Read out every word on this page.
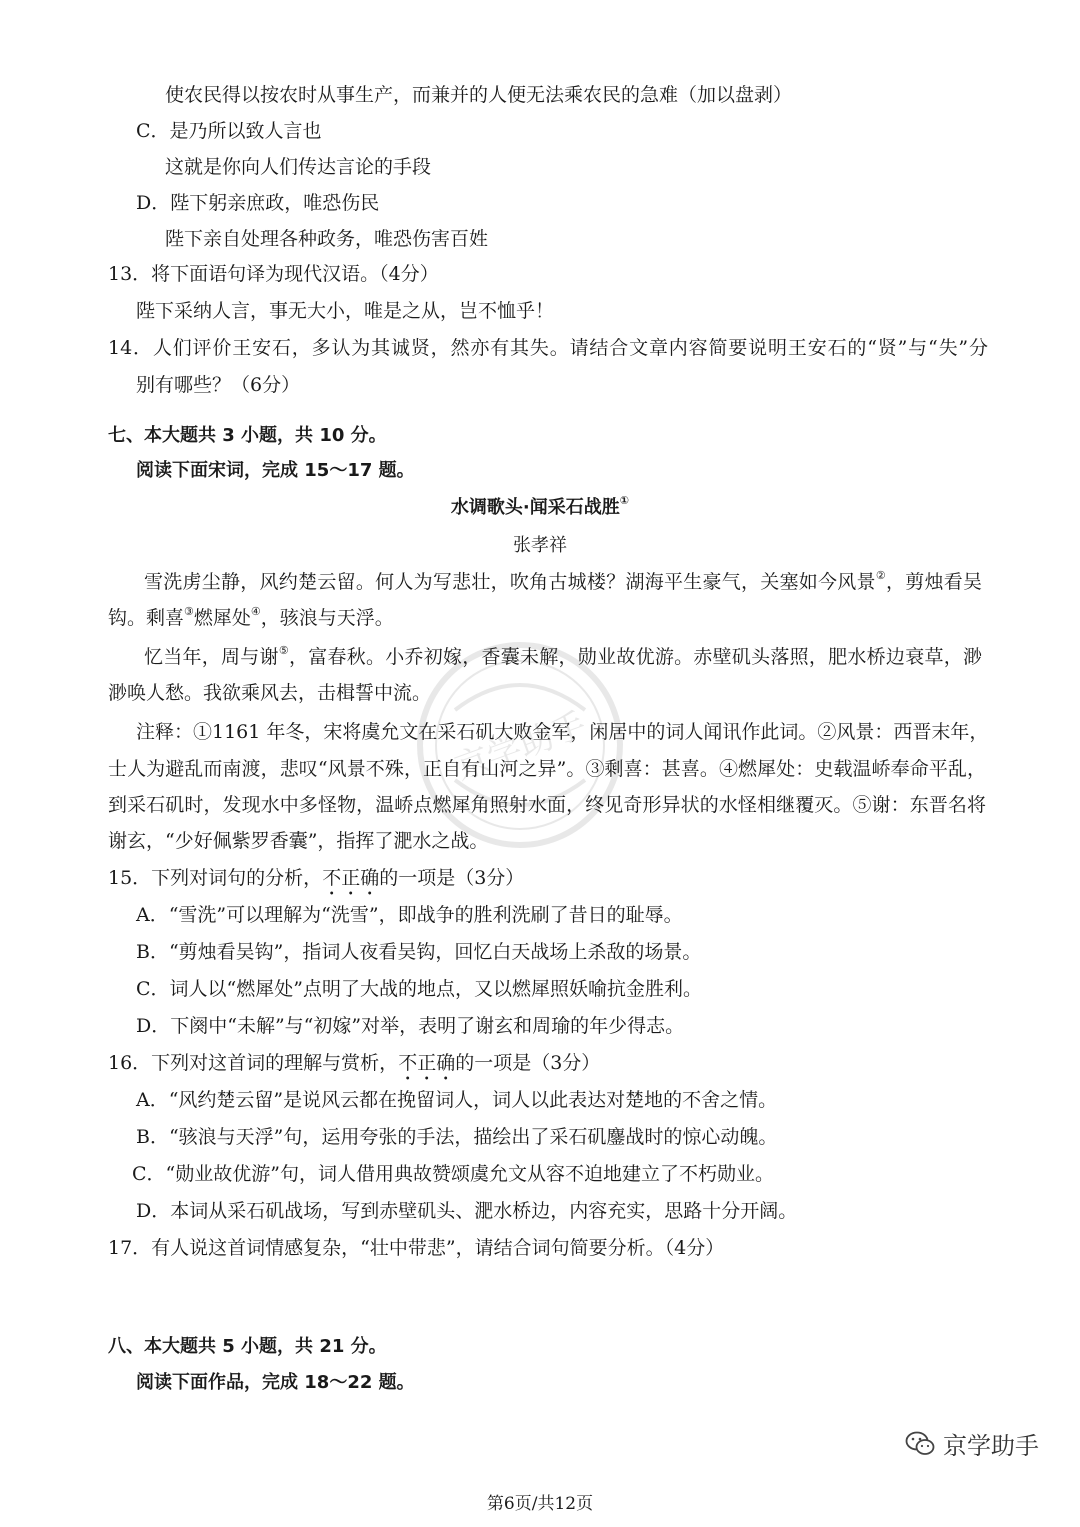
京学助手
使农民得以按农时从事生产，而兼并的人便无法乘农民的急难（加以盘剥）
C．是乃所以致人言也
这就是你向人们传达言论的手段
D．陛下躬亲庶政，唯恐伤民
陛下亲自处理各种政务，唯恐伤害百姓
13．将下面语句译为现代汉语。（4分）
陛下采纳人言，事无大小，唯是之从，岂不恤乎！
14．人们评价王安石，多认为其诚贤，然亦有其失。请结合文章内容简要说明王安石的“贤”与“失”分
别有哪些？（6分）
七、本大题共 3 小题，共 10 分。
阅读下面宋词，完成 15～17 题。
水调歌头·闻采石战胜①
张孝祥
雪洗虏尘静，风约楚云留。何人为写悲壮，吹角古城楼？湖海平生豪气，关塞如今风景②，剪烛看吴
钩。剩喜③燃犀处④，骇浪与天浮。
忆当年，周与谢⑤，富春秋。小乔初嫁，香囊未解，勋业故优游。赤壁矶头落照，肥水桥边衰草，渺
渺唤人愁。我欲乘风去，击楫誓中流。
注释：①1161 年冬，宋将虞允文在采石矶大败金军，闲居中的词人闻讯作此词。②风景：西晋末年，
士人为避乱而南渡，悲叹“风景不殊，正自有山河之异”。③剩喜：甚喜。④燃犀处：史载温峤奉命平乱，
到采石矶时，发现水中多怪物，温峤点燃犀角照射水面，终见奇形异状的水怪相继覆灭。⑤谢：东晋名将
谢玄，“少好佩紫罗香囊”，指挥了淝水之战。
15．下列对词句的分析，不正确的一项是（3分）
A．“雪洗”可以理解为“洗雪”，即战争的胜利洗刷了昔日的耻辱。
B．“剪烛看吴钩”，指词人夜看吴钩，回忆白天战场上杀敌的场景。
C．词人以“燃犀处”点明了大战的地点，又以燃犀照妖喻抗金胜利。
D．下阕中“未解”与“初嫁”对举，表明了谢玄和周瑜的年少得志。
16．下列对这首词的理解与赏析，不正确的一项是（3分）
A．“风约楚云留”是说风云都在挽留词人，词人以此表达对楚地的不舍之情。
B．“骇浪与天浮”句，运用夸张的手法，描绘出了采石矶鏖战时的惊心动魄。
C．“勋业故优游”句，词人借用典故赞颂虞允文从容不迫地建立了不朽勋业。
D．本词从采石矶战场，写到赤壁矶头、淝水桥边，内容充实，思路十分开阔。
17．有人说这首词情感复杂，“壮中带悲”，请结合词句简要分析。（4分）
八、本大题共 5 小题，共 21 分。
阅读下面作品，完成 18～22 题。
京学助手
第6页/共12页
